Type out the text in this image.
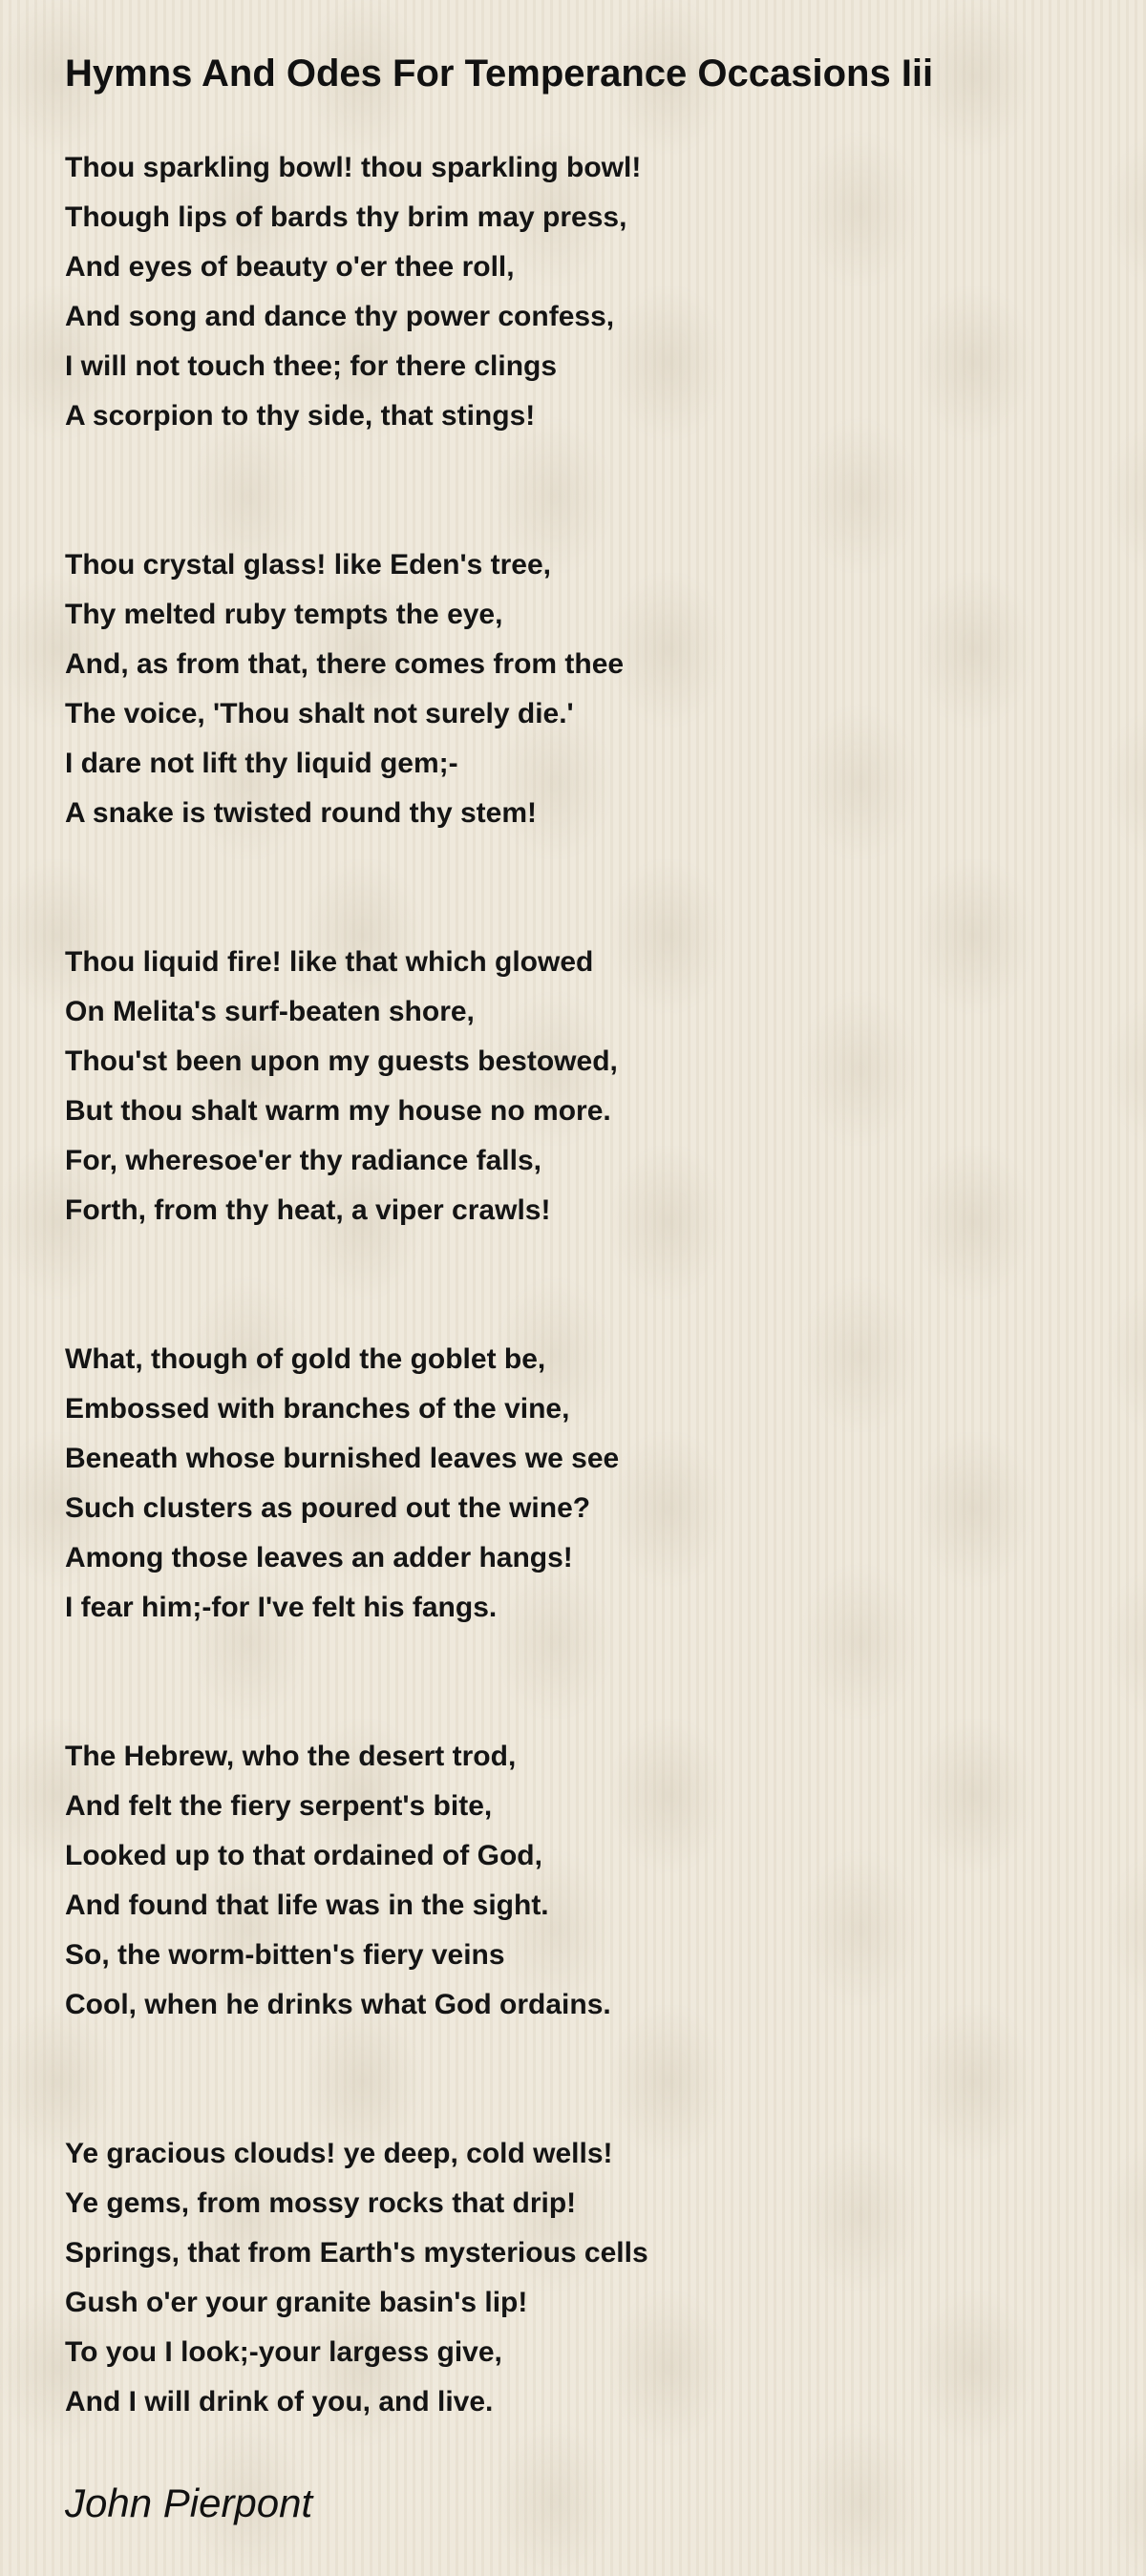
Hymns And Odes For Temperance Occasions Iii
Thou sparkling bowl! thou sparkling bowl!
Though lips of bards thy brim may press,
And eyes of beauty o'er thee roll,
And song and dance thy power confess,
I will not touch thee; for there clings
A scorpion to thy side, that stings!
Thou crystal glass! like Eden's tree,
Thy melted ruby tempts the eye,
And, as from that, there comes from thee
The voice, 'Thou shalt not surely die.'
I dare not lift thy liquid gem;-
A snake is twisted round thy stem!
Thou liquid fire! like that which glowed
On Melita's surf-beaten shore,
Thou'st been upon my guests bestowed,
But thou shalt warm my house no more.
For, wheresoe'er thy radiance falls,
Forth, from thy heat, a viper crawls!
What, though of gold the goblet be,
Embossed with branches of the vine,
Beneath whose burnished leaves we see
Such clusters as poured out the wine?
Among those leaves an adder hangs!
I fear him;-for I've felt his fangs.
The Hebrew, who the desert trod,
And felt the fiery serpent's bite,
Looked up to that ordained of God,
And found that life was in the sight.
So, the worm-bitten's fiery veins
Cool, when he drinks what God ordains.
Ye gracious clouds! ye deep, cold wells!
Ye gems, from mossy rocks that drip!
Springs, that from Earth's mysterious cells
Gush o'er your granite basin's lip!
To you I look;-your largess give,
And I will drink of you, and live.
John Pierpont
